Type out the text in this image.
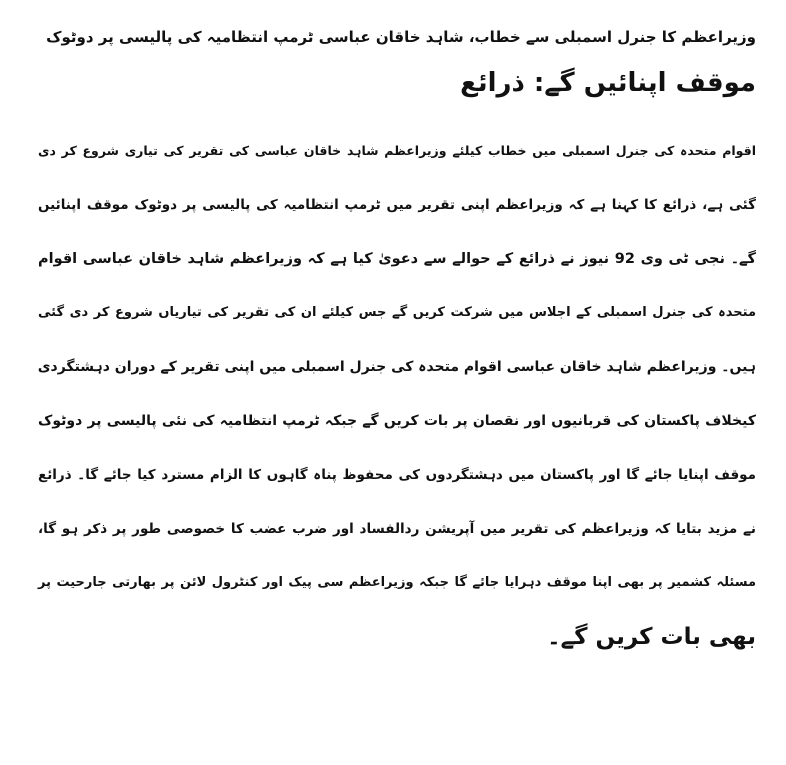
وزیراعظم کا جنرل اسمبلی سے خطاب، شاہد خاقان عباسی ٹرمپ انتظامیہ کی پالیسی پر دوٹوک
موقف اپنائیں گے: ذرائع
اقوام متحدہ کی جنرل اسمبلی میں خطاب کیلئے وزیراعظم شاہد خاقان عباسی کی تقریر کی تیاری شروع کر دی
گئی ہے، ذرائع کا کہنا ہے کہ وزیراعظم اپنی تقریر میں ٹرمپ انتظامیہ کی پالیسی پر دوٹوک موقف اپنائیں
گے۔ نجی ٹی وی 92 نیوز نے ذرائع کے حوالے سے دعویٰ کیا ہے کہ وزیراعظم شاہد خاقان عباسی اقوام
متحدہ کی جنرل اسمبلی کے اجلاس میں شرکت کریں گے جس کیلئے ان کی تقریر کی تیاریاں شروع کر دی گئی
ہیں۔ وزیراعظم شاہد خاقان عباسی اقوام متحدہ کی جنرل اسمبلی میں اپنی تقریر کے دوران دہشتگردی
کیخلاف پاکستان کی قربانیوں اور نقصان پر بات کریں گے جبکہ ٹرمپ انتظامیہ کی نئی پالیسی پر دوٹوک
موقف اپنایا جائے گا اور پاکستان میں دہشتگردوں کی محفوظ پناہ گاہوں کا الزام مسترد کیا جائے گا۔ ذرائع
نے مزید بتایا کہ وزیراعظم کی تقریر میں آپریشن ردالفساد اور ضرب عضب کا خصوصی طور پر ذکر ہو گا،
مسئلہ کشمیر پر بھی اپنا موقف دہرایا جائے گا جبکہ وزیراعظم سی پیک اور کنٹرول لائن پر بھارتی جارحیت پر
بھی بات کریں گے۔
